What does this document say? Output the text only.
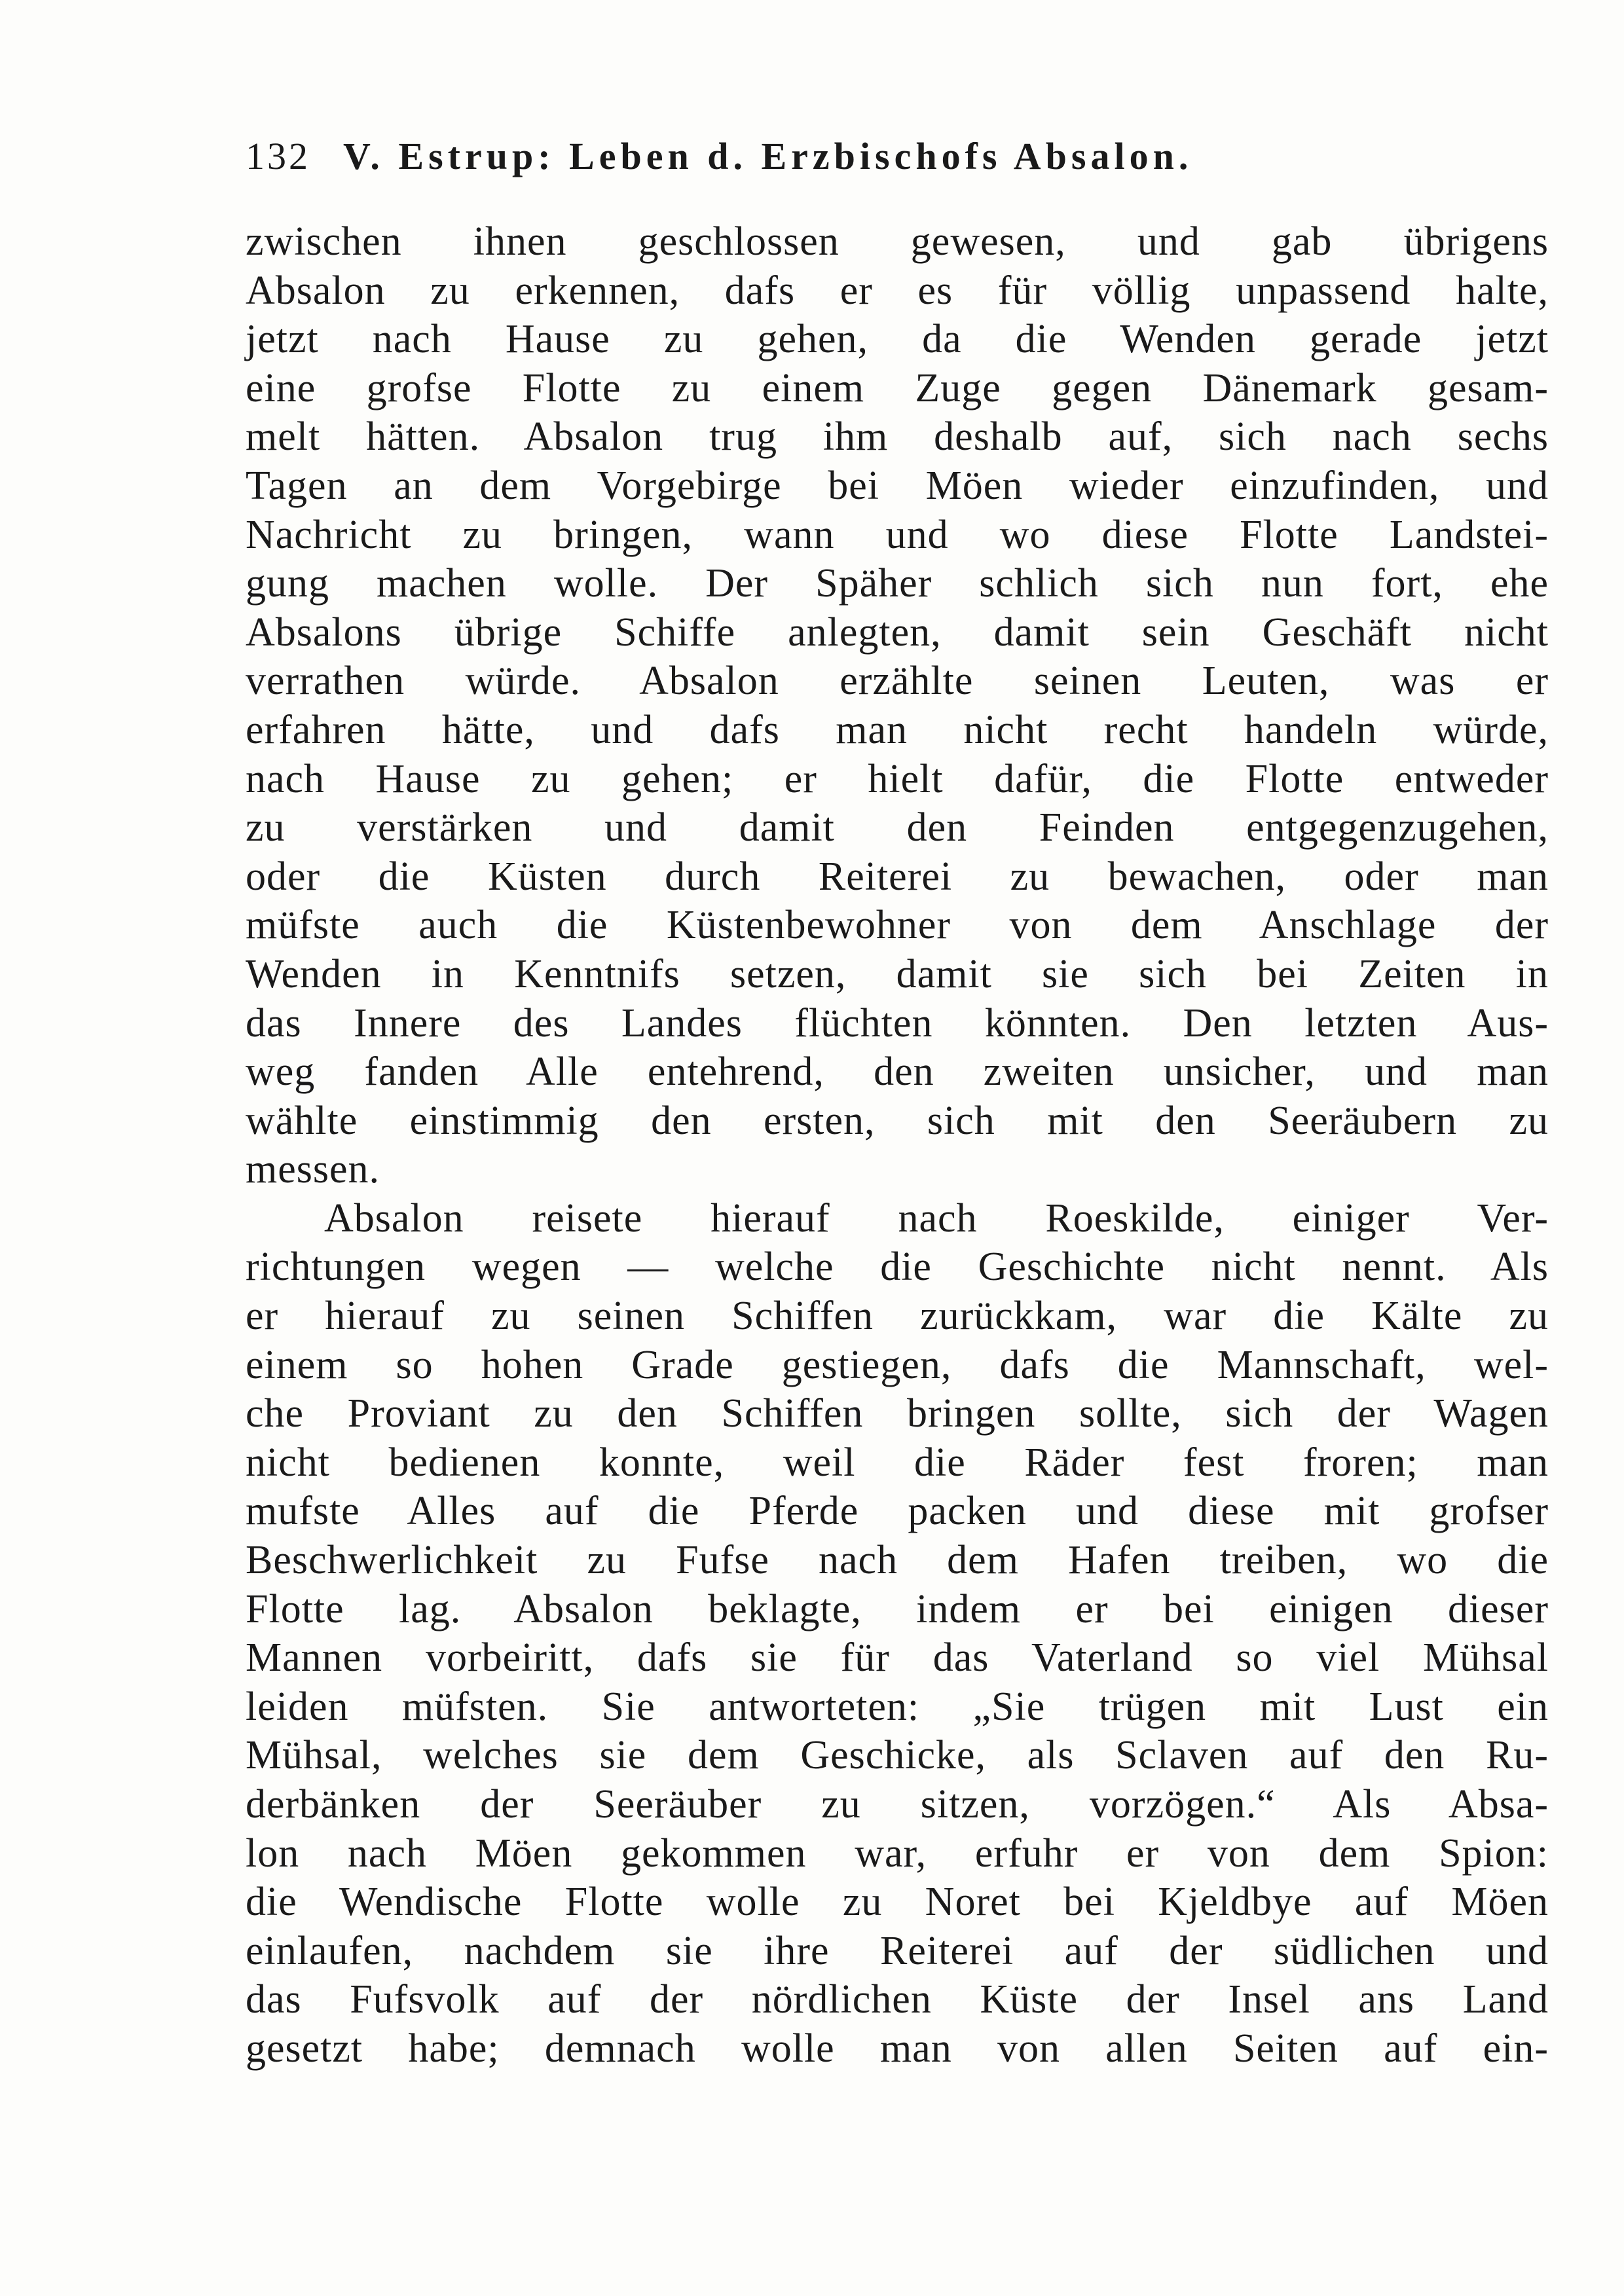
132 V. Estrup: Leben d. Erzbischofs Absalon.
zwischen ihnen geschlossen gewesen, und gab übrigens
Absalon zu erkennen, dafs er es für völlig unpassend halte,
jetzt nach Hause zu gehen, da die Wenden gerade jetzt
eine grofse Flotte zu einem Zuge gegen Dänemark gesam-
melt hätten. Absalon trug ihm deshalb auf, sich nach sechs
Tagen an dem Vorgebirge bei Möen wieder einzufinden, und
Nachricht zu bringen, wann und wo diese Flotte Landstei-
gung machen wolle. Der Späher schlich sich nun fort, ehe
Absalons übrige Schiffe anlegten, damit sein Geschäft nicht
verrathen würde. Absalon erzählte seinen Leuten, was er
erfahren hätte, und dafs man nicht recht handeln würde,
nach Hause zu gehen; er hielt dafür, die Flotte entweder
zu verstärken und damit den Feinden entgegenzugehen,
oder die Küsten durch Reiterei zu bewachen, oder man
müfste auch die Küstenbewohner von dem Anschlage der
Wenden in Kenntnifs setzen, damit sie sich bei Zeiten in
das Innere des Landes flüchten könnten. Den letzten Aus-
weg fanden Alle entehrend, den zweiten unsicher, und man
wählte einstimmig den ersten, sich mit den Seeräubern zu
messen.
Absalon reisete hierauf nach Roeskilde, einiger Ver-
richtungen wegen — welche die Geschichte nicht nennt. Als
er hierauf zu seinen Schiffen zurückkam, war die Kälte zu
einem so hohen Grade gestiegen, dafs die Mannschaft, wel-
che Proviant zu den Schiffen bringen sollte, sich der Wagen
nicht bedienen konnte, weil die Räder fest froren; man
mufste Alles auf die Pferde packen und diese mit grofser
Beschwerlichkeit zu Fufse nach dem Hafen treiben, wo die
Flotte lag. Absalon beklagte, indem er bei einigen dieser
Mannen vorbeiritt, dafs sie für das Vaterland so viel Mühsal
leiden müfsten. Sie antworteten: „Sie trügen mit Lust ein
Mühsal, welches sie dem Geschicke, als Sclaven auf den Ru-
derbänken der Seeräuber zu sitzen, vorzögen.“ Als Absa-
lon nach Möen gekommen war, erfuhr er von dem Spion:
die Wendische Flotte wolle zu Noret bei Kjeldbye auf Möen
einlaufen, nachdem sie ihre Reiterei auf der südlichen und
das Fufsvolk auf der nördlichen Küste der Insel ans Land
gesetzt habe; demnach wolle man von allen Seiten auf ein-
